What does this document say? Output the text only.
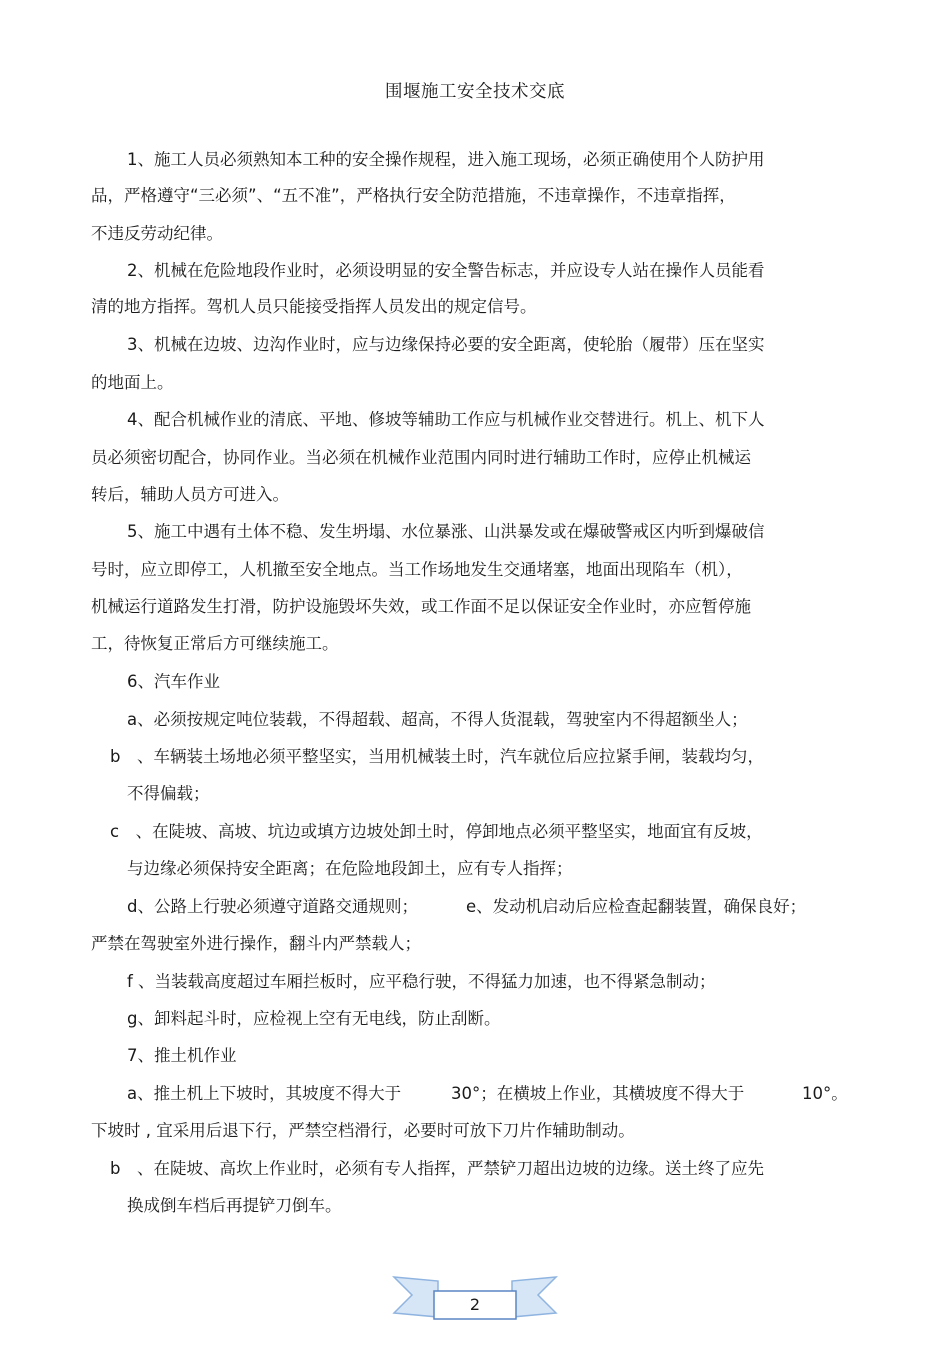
围堰施工安全技术交底
1、施工人员必须熟知本工种的安全操作规程，进入施工现场，必须正确使用个人防护用
品，严格遵守“三必须”、“五不准”，严格执行安全防范措施，不违章操作，不违章指挥，
不违反劳动纪律。
2、机械在危险地段作业时，必须设明显的安全警告标志，并应设专人站在操作人员能看
清的地方指挥。驾机人员只能接受指挥人员发出的规定信号。
3、机械在边坡、边沟作业时，应与边缘保持必要的安全距离，使轮胎（履带）压在坚实
的地面上。
4、配合机械作业的清底、平地、修坡等辅助工作应与机械作业交替进行。机上、机下人
员必须密切配合，协同作业。当必须在机械作业范围内同时进行辅助工作时，应停止机械运
转后，辅助人员方可进入。
5、施工中遇有土体不稳、发生坍塌、水位暴涨、山洪暴发或在爆破警戒区内听到爆破信
号时，应立即停工，人机撤至安全地点。当工作场地发生交通堵塞，地面出现陷车（机），
机械运行道路发生打滑，防护设施毁坏失效，或工作面不足以保证安全作业时，亦应暂停施
工，待恢复正常后方可继续施工。
6、汽车作业
a、必须按规定吨位装载，不得超载、超高，不得人货混载，驾驶室内不得超额坐人；
b　、车辆装土场地必须平整坚实，当用机械装土时，汽车就位后应拉紧手闸，装载均匀，
不得偏载；
c　、在陡坡、高坡、坑边或填方边坡处卸土时，停卸地点必须平整坚实，地面宜有反坡，
与边缘必须保持安全距离；在危险地段卸土，应有专人指挥；
d、公路上行驶必须遵守道路交通规则；	e、发动机启动后应检查起翻装置，确保良好；
严禁在驾驶室外进行操作，翻斗内严禁载人；
f 、当装载高度超过车厢拦板时，应平稳行驶，不得猛力加速，也不得紧急制动；
g、卸料起斗时，应检视上空有无电线，防止刮断。
7、推土机作业
a、推土机上下坡时，其坡度不得大于	30°；在横坡上作业，其横坡度不得大于	10°。
下坡时 , 宜采用后退下行，严禁空档滑行，必要时可放下刀片作辅助制动。
b　、在陡坡、高坎上作业时，必须有专人指挥，严禁铲刀超出边坡的边缘。送土终了应先
换成倒车档后再提铲刀倒车。
2
